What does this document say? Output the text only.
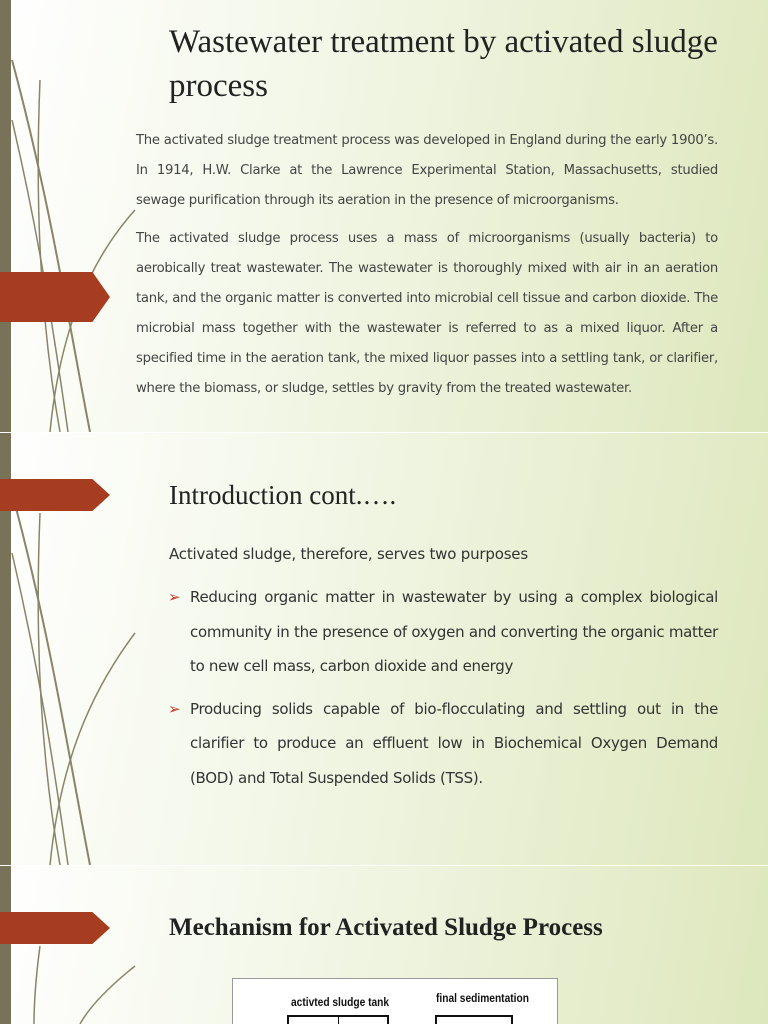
Wastewater treatment by activated sludge process

The activated sludge treatment process was developed in England during the early 1900’s. In 1914, H.W. Clarke at the Lawrence Experimental Station, Massachusetts, studied sewage purification through its aeration in the presence of microorganisms.

The activated sludge process uses a mass of microorganisms (usually bacteria) to aerobically treat wastewater. The wastewater is thoroughly mixed with air in an aeration tank, and the organic matter is converted into microbial cell tissue and carbon dioxide. The microbial mass together with the wastewater is referred to as a mixed liquor. After a specified time in the aeration tank, the mixed liquor passes into a settling tank, or clarifier, where the biomass, or sludge, settles by gravity from the treated wastewater.

Introduction cont.….

Activated sludge, therefore, serves two purposes

➢ Reducing organic matter in wastewater by using a complex biological community in the presence of oxygen and converting the organic matter to new cell mass, carbon dioxide and energy
➢ Producing solids capable of bio-flocculating and settling out in the clarifier to produce an effluent low in Biochemical Oxygen Demand (BOD) and Total Suspended Solids (TSS).
Mechanism for Activated Sludge Process
activted sludge tank	final sedimentation
